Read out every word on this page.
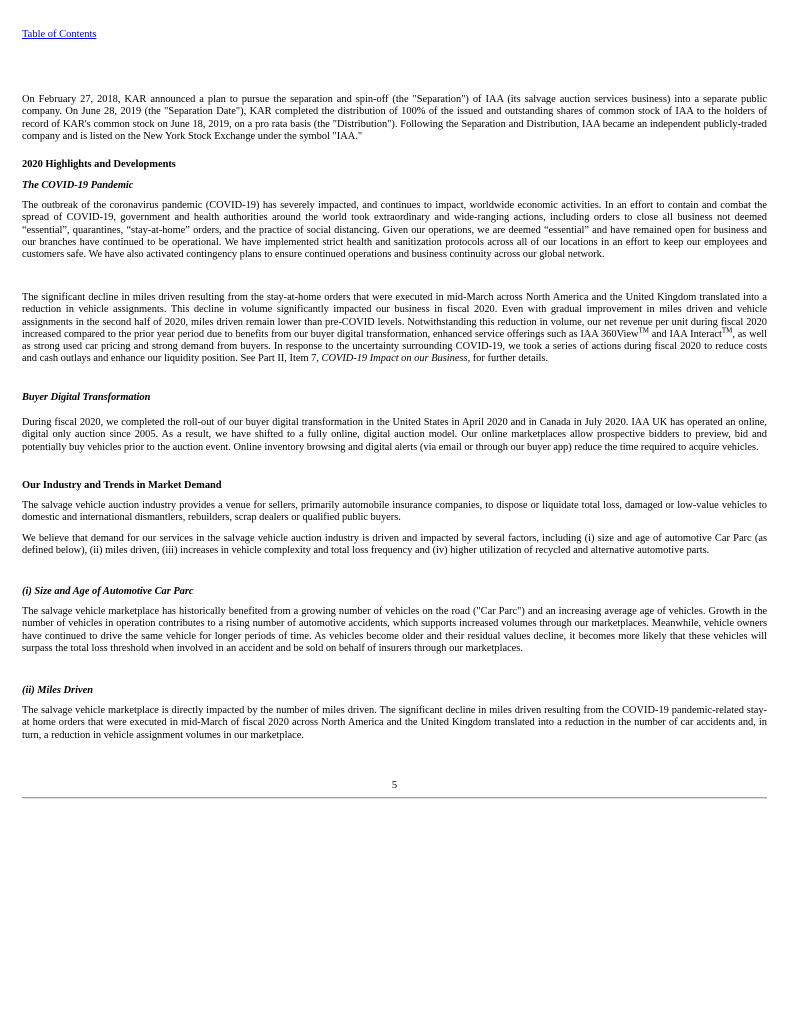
Table of Contents

On February 27, 2018, KAR announced a plan to pursue the separation and spin-off (the "Separation") of IAA (its salvage auction services business) into a separate public company. On June 28, 2019 (the "Separation Date"), KAR completed the distribution of 100% of the issued and outstanding shares of common stock of IAA to the holders of record of KAR's common stock on June 18, 2019, on a pro rata basis (the "Distribution"). Following the Separation and Distribution, IAA became an independent publicly-traded company and is listed on the New York Stock Exchange under the symbol "IAA."

2020 Highlights and Developments
The COVID-19 Pandemic

The outbreak of the coronavirus pandemic (COVID-19) has severely impacted, and continues to impact, worldwide economic activities. In an effort to contain and combat the spread of COVID-19, government and health authorities around the world took extraordinary and wide-ranging actions, including orders to close all business not deemed “essential”, quarantines, “stay-at-home” orders, and the practice of social distancing. Given our operations, we are deemed “essential” and have remained open for business and our branches have continued to be operational. We have implemented strict health and sanitization protocols across all of our locations in an effort to keep our employees and customers safe. We have also activated contingency plans to ensure continued operations and business continuity across our global network.

The significant decline in miles driven resulting from the stay-at-home orders that were executed in mid-March across North America and the United Kingdom translated into a reduction in vehicle assignments. This decline in volume significantly impacted our business in fiscal 2020. Even with gradual improvement in miles driven and vehicle assignments in the second half of 2020, miles driven remain lower than pre-COVID levels. Notwithstanding this reduction in volume, our net revenue per unit during fiscal 2020 increased compared to the prior year period due to benefits from our buyer digital transformation, enhanced service offerings such as IAA 360View™ and IAA Interact™, as well as strong used car pricing and strong demand from buyers. In response to the uncertainty surrounding COVID-19, we took a series of actions during fiscal 2020 to reduce costs and cash outlays and enhance our liquidity position. See Part II, Item 7, COVID-19 Impact on our Business, for further details.

Buyer Digital Transformation

During fiscal 2020, we completed the roll-out of our buyer digital transformation in the United States in April 2020 and in Canada in July 2020. IAA UK has operated an online, digital only auction since 2005. As a result, we have shifted to a fully online, digital auction model. Our online marketplaces allow prospective bidders to preview, bid and potentially buy vehicles prior to the auction event. Online inventory browsing and digital alerts (via email or through our buyer app) reduce the time required to acquire vehicles.

Our Industry and Trends in Market Demand

The salvage vehicle auction industry provides a venue for sellers, primarily automobile insurance companies, to dispose or liquidate total loss, damaged or low-value vehicles to domestic and international dismantlers, rebuilders, scrap dealers or qualified public buyers.

We believe that demand for our services in the salvage vehicle auction industry is driven and impacted by several factors, including (i) size and age of automotive Car Parc (as defined below), (ii) miles driven, (iii) increases in vehicle complexity and total loss frequency and (iv) higher utilization of recycled and alternative automotive parts.

(i) Size and Age of Automotive Car Parc

The salvage vehicle marketplace has historically benefited from a growing number of vehicles on the road ("Car Parc") and an increasing average age of vehicles. Growth in the number of vehicles in operation contributes to a rising number of automotive accidents, which supports increased volumes through our marketplaces. Meanwhile, vehicle owners have continued to drive the same vehicle for longer periods of time. As vehicles become older and their residual values decline, it becomes more likely that these vehicles will surpass the total loss threshold when involved in an accident and be sold on behalf of insurers through our marketplaces.

(ii) Miles Driven

The salvage vehicle marketplace is directly impacted by the number of miles driven. The significant decline in miles driven resulting from the COVID-19 pandemic-related stay-at home orders that were executed in mid-March of fiscal 2020 across North America and the United Kingdom translated into a reduction in the number of car accidents and, in turn, a reduction in vehicle assignment volumes in our marketplace.

5
